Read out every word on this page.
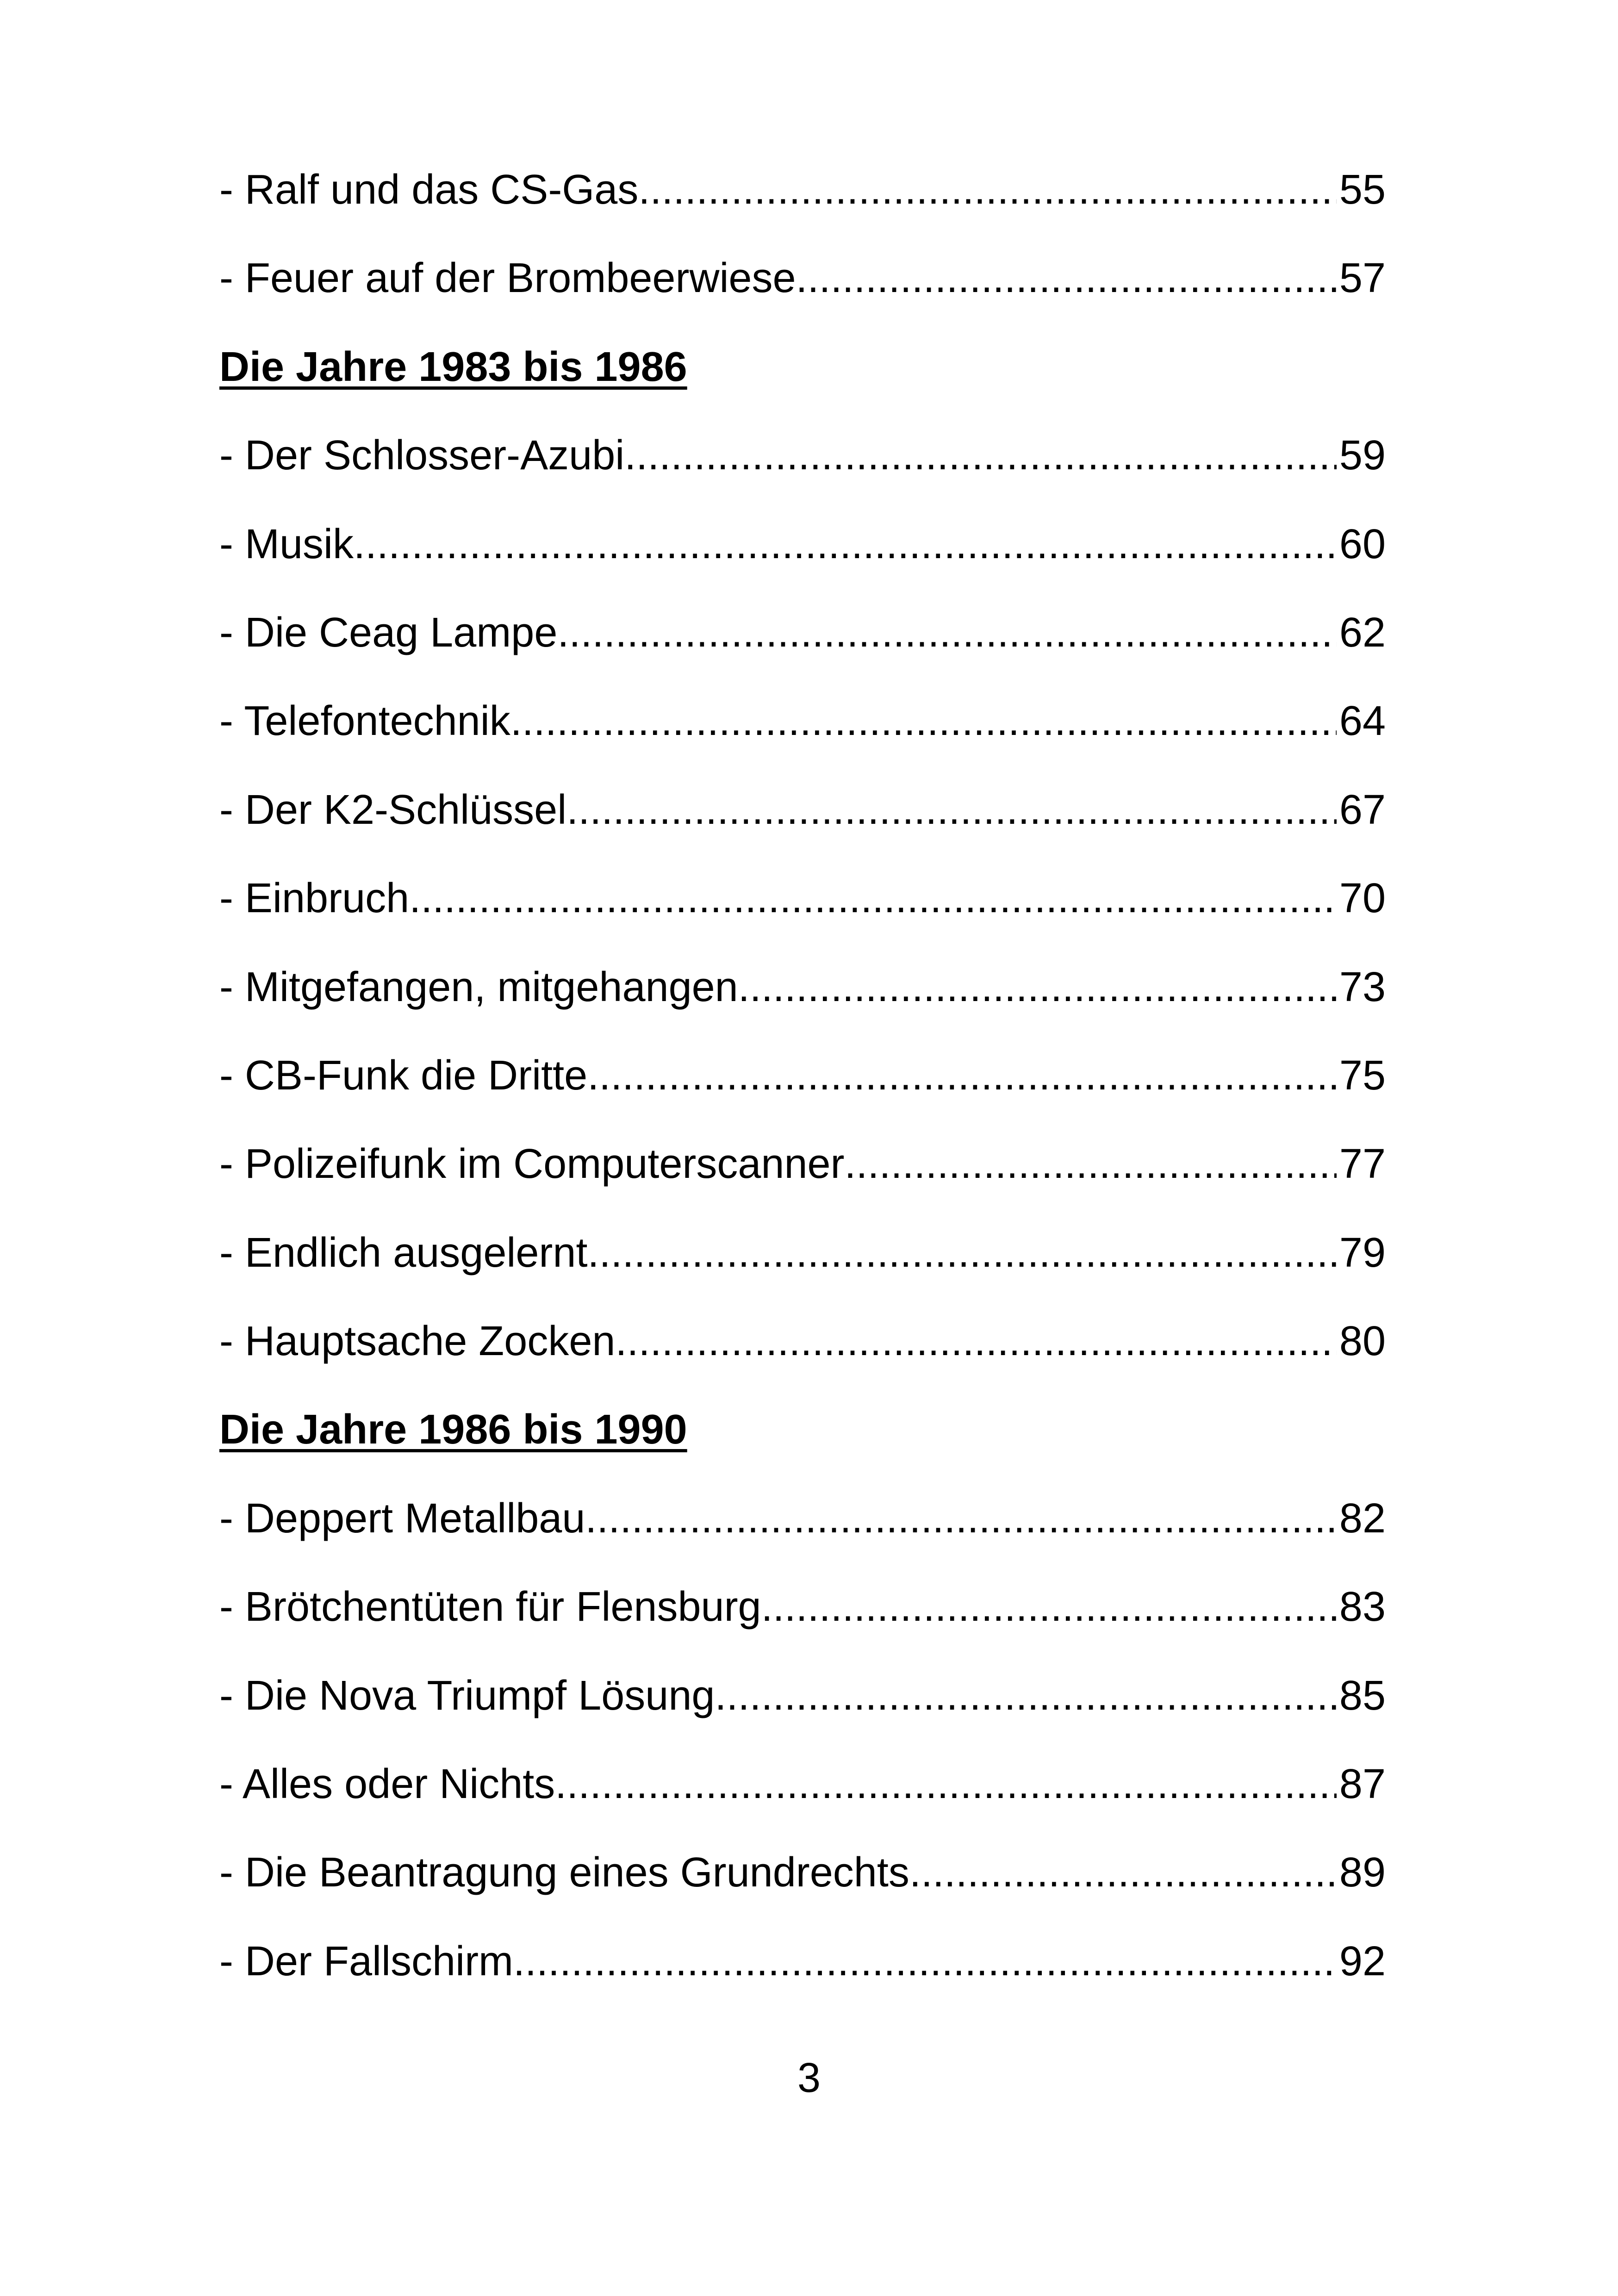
- Ralf und das CS-Gas .....	55
- Feuer auf der Brombeerwiese .....	57
Die Jahre 1983 bis 1986
- Der Schlosser-Azubi .....	59
- Musik .....	60
- Die Ceag Lampe .....	62
- Telefontechnik .....	64
- Der K2-Schlüssel .....	67
- Einbruch .....	70
- Mitgefangen, mitgehangen .....	73
- CB-Funk die Dritte .....	75
- Polizeifunk im Computerscanner .....	77
- Endlich ausgelernt .....	79
- Hauptsache Zocken .....	80
Die Jahre 1986 bis 1990
- Deppert Metallbau .....	82
- Brötchentüten für Flensburg .....	83
- Die Nova Triumpf Lösung .....	85
- Alles oder Nichts .....	87
- Die Beantragung eines Grundrechts .....	89
- Der Fallschirm .....	92
3
